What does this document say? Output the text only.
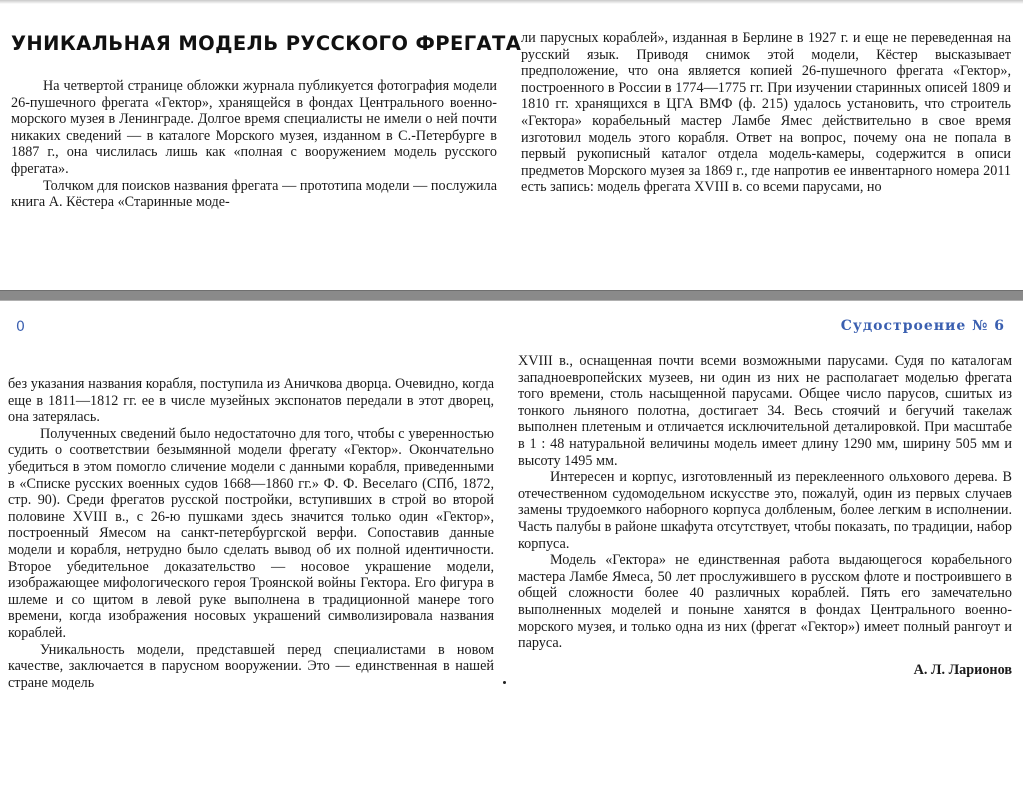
УНИКАЛЬНАЯ МОДЕЛЬ РУССКОГО ФРЕГАТА

На четвертой странице обложки журнала публикуется фотография модели 26-пушечного фрегата «Гектор», хранящейся в фондах Центрального военно-морского музея в Ленинграде. Долгое время специалисты не имели о ней почти никаких сведений — в каталоге Морского музея, изданном в С.-Петербурге в 1887 г., она числилась лишь как «полная с вооружением модель русского фрегата».

Толчком для поисков названия фрегата — прототипа модели — послужила книга А. Кёстера «Старинные моде-

ли парусных кораблей», изданная в Берлине в 1927 г. и еще не переведенная на русский язык. Приводя снимок этой модели, Кёстер высказывает предположение, что она является копией 26-пушечного фрегата «Гектор», построенного в России в 1774—1775 гг. При изучении старинных описей 1809 и 1810 гг. хранящихся в ЦГА ВМФ (ф. 215) удалось установить, что строитель «Гектора» корабельный мастер Ламбе Ямес действительно в свое время изготовил модель этого корабля. Ответ на вопрос, почему она не попала в первый рукописный каталог отдела модель-камеры, содержится в описи предметов Морского музея за 1869 г., где напротив ее инвентарного номера 2011 есть запись: модель фрегата XVIII в. со всеми парусами, но

0	Судостроение № 6

без указания названия корабля, поступила из Аничкова дворца. Очевидно, когда еще в 1811—1812 гг. ее в числе музейных экспонатов передали в этот дворец, она затерялась.

Полученных сведений было недостаточно для того, чтобы с уверенностью судить о соответствии безымянной модели фрегату «Гектор». Окончательно убедиться в этом помогло сличение модели с данными корабля, приведенными в «Списке русских военных судов 1668—1860 гг.» Ф. Ф. Веселаго (СПб, 1872, стр. 90). Среди фрегатов русской постройки, вступивших в строй во второй половине XVIII в., с 26-ю пушками здесь значится только один «Гектор», построенный Ямесом на санкт-петербургской верфи. Сопоставив данные модели и корабля, нетрудно было сделать вывод об их полной идентичности. Второе убедительное доказательство — носовое украшение модели, изображающее мифологического героя Троянской войны Гектора. Его фигура в шлеме и со щитом в левой руке выполнена в традиционной манере того времени, когда изображения носовых украшений символизировала названия кораблей.

Уникальность модели, представшей перед специалистами в новом качестве, заключается в парусном вооружении. Это — единственная в нашей стране модель

XVIII в., оснащенная почти всеми возможными парусами. Судя по каталогам западноевропейских музеев, ни один из них не располагает моделью фрегата того времени, столь насыщенной парусами. Общее число парусов, сшитых из тонкого льняного полотна, достигает 34. Весь стоячий и бегучий такелаж выполнен плетеным и отличается исключительной деталировкой. При масштабе в 1 : 48 натуральной величины модель имеет длину 1290 мм, ширину 505 мм и высоту 1495 мм.

Интересен и корпус, изготовленный из переклеенного ольхового дерева. В отечественном судомодельном искусстве это, пожалуй, один из первых случаев замены трудоемкого наборного корпуса долбленым, более легким в исполнении. Часть палубы в районе шкафута отсутствует, чтобы показать, по традиции, набор корпуса.

Модель «Гектора» не единственная работа выдающегося корабельного мастера Ламбе Ямеса, 50 лет прослужившего в русском флоте и построившего в общей сложности более 40 различных кораблей. Пять его замечательно выполненных моделей и поныне ханятся в фондах Центрального военно-морского музея, и только одна из них (фрегат «Гектор») имеет полный рангоут и паруса.

А. Л. Ларионов
